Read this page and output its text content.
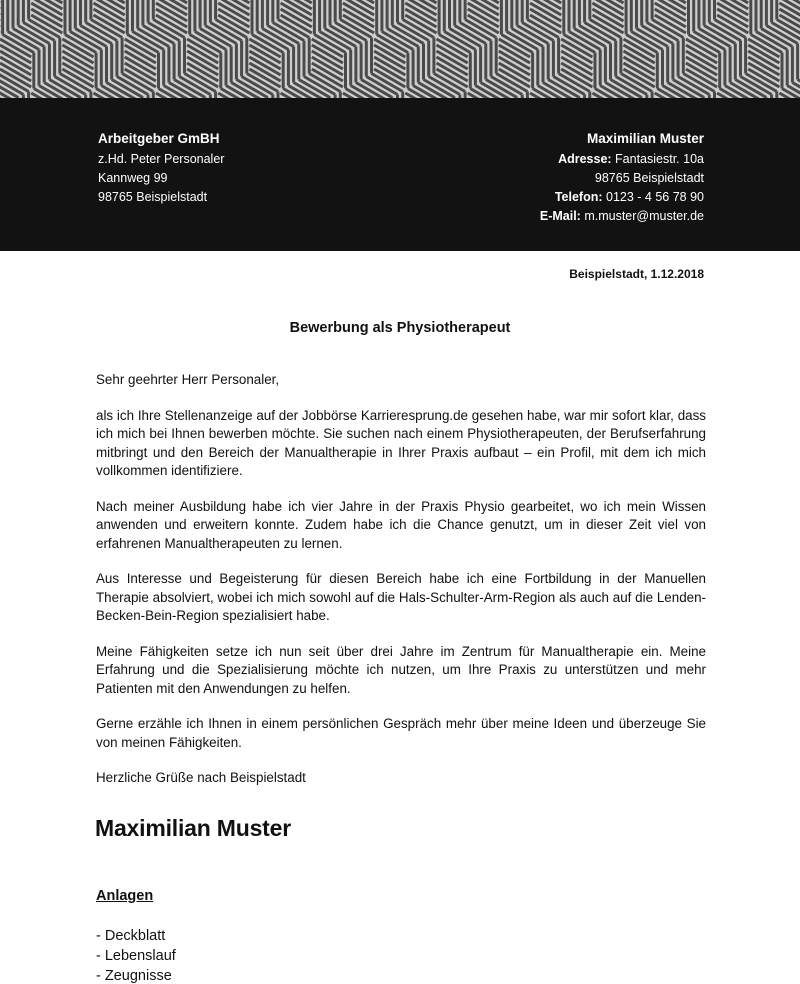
Arbeitgeber GmBH
z.Hd. Peter Personaler
Kannweg 99
98765 Beispielstadt
Maximilian Muster
Adresse: Fantasiestr. 10a
98765 Beispielstadt
Telefon: 0123 - 4 56 78 90
E-Mail: m.muster@muster.de
Beispielstadt, 1.12.2018
Bewerbung als Physiotherapeut

Sehr geehrter Herr Personaler,

als ich Ihre Stellenanzeige auf der Jobbörse Karrieresprung.de gesehen habe, war mir sofort klar, dass ich mich bei Ihnen bewerben möchte. Sie suchen nach einem Physiotherapeuten, der Berufserfahrung mitbringt und den Bereich der Manualtherapie in Ihrer Praxis aufbaut – ein Profil, mit dem ich mich vollkommen identifiziere.

Nach meiner Ausbildung habe ich vier Jahre in der Praxis Physio gearbeitet, wo ich mein Wissen anwenden und erweitern konnte. Zudem habe ich die Chance genutzt, um in dieser Zeit viel von erfahrenen Manualtherapeuten zu lernen.

Aus Interesse und Begeisterung für diesen Bereich habe ich eine Fortbildung in der Manuellen Therapie absolviert, wobei ich mich sowohl auf die Hals-Schulter-Arm-Region als auch auf die Lenden-Becken-Bein-Region spezialisiert habe.

Meine Fähigkeiten setze ich nun seit über drei Jahre im Zentrum für Manualtherapie ein. Meine Erfahrung und die Spezialisierung möchte ich nutzen, um Ihre Praxis zu unterstützen und mehr Patienten mit den Anwendungen zu helfen.

Gerne erzähle ich Ihnen in einem persönlichen Gespräch mehr über meine Ideen und überzeuge Sie von meinen Fähigkeiten.

Herzliche Grüße nach Beispielstadt

Maximilian Muster
Anlagen
- Deckblatt
- Lebenslauf
- Zeugnisse
